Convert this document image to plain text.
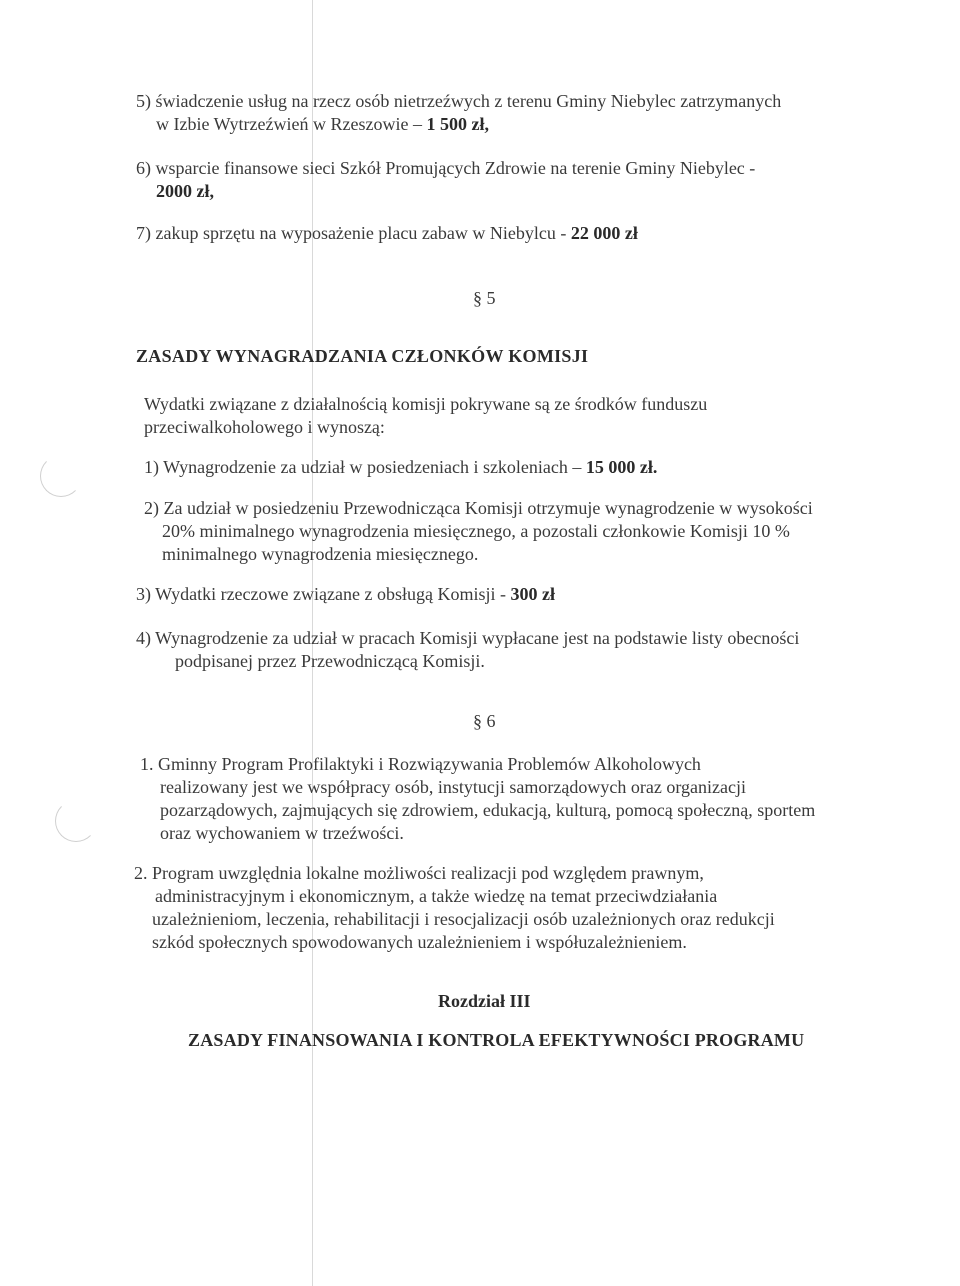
5) świadczenie usług na rzecz osób nietrzeźwych z terenu Gminy Niebylec zatrzymanych
w Izbie Wytrzeźwień w Rzeszowie – 1 500 zł,
6) wsparcie finansowe sieci Szkół Promujących Zdrowie na terenie Gminy Niebylec -
2000 zł,
7) zakup sprzętu na wyposażenie placu zabaw w Niebylcu - 22 000 zł
§ 5
ZASADY WYNAGRADZANIA CZŁONKÓW KOMISJI
Wydatki związane z działalnością komisji pokrywane są ze środków funduszu
przeciwalkoholowego i wynoszą:
1) Wynagrodzenie za udział w posiedzeniach i szkoleniach – 15 000 zł.
2) Za udział w posiedzeniu Przewodnicząca Komisji otrzymuje wynagrodzenie w wysokości
20% minimalnego wynagrodzenia miesięcznego, a pozostali członkowie Komisji 10 %
minimalnego wynagrodzenia miesięcznego.
3) Wydatki rzeczowe związane z obsługą Komisji - 300 zł
4) Wynagrodzenie za udział w pracach Komisji wypłacane jest na podstawie listy obecności
podpisanej przez Przewodniczącą Komisji.
§ 6
1. Gminny Program Profilaktyki i Rozwiązywania Problemów Alkoholowych
realizowany jest we współpracy osób, instytucji samorządowych oraz organizacji
pozarządowych, zajmujących się zdrowiem, edukacją, kulturą, pomocą społeczną, sportem
oraz wychowaniem w trzeźwości.
2. Program uwzględnia lokalne możliwości realizacji pod względem prawnym,
administracyjnym i ekonomicznym, a także wiedzę na temat przeciwdziałania
uzależnieniom, leczenia, rehabilitacji i resocjalizacji osób uzależnionych oraz redukcji
szkód społecznych spowodowanych uzależnieniem i współuzależnieniem.
Rozdział III
ZASADY FINANSOWANIA I KONTROLA EFEKTYWNOŚCI PROGRAMU
